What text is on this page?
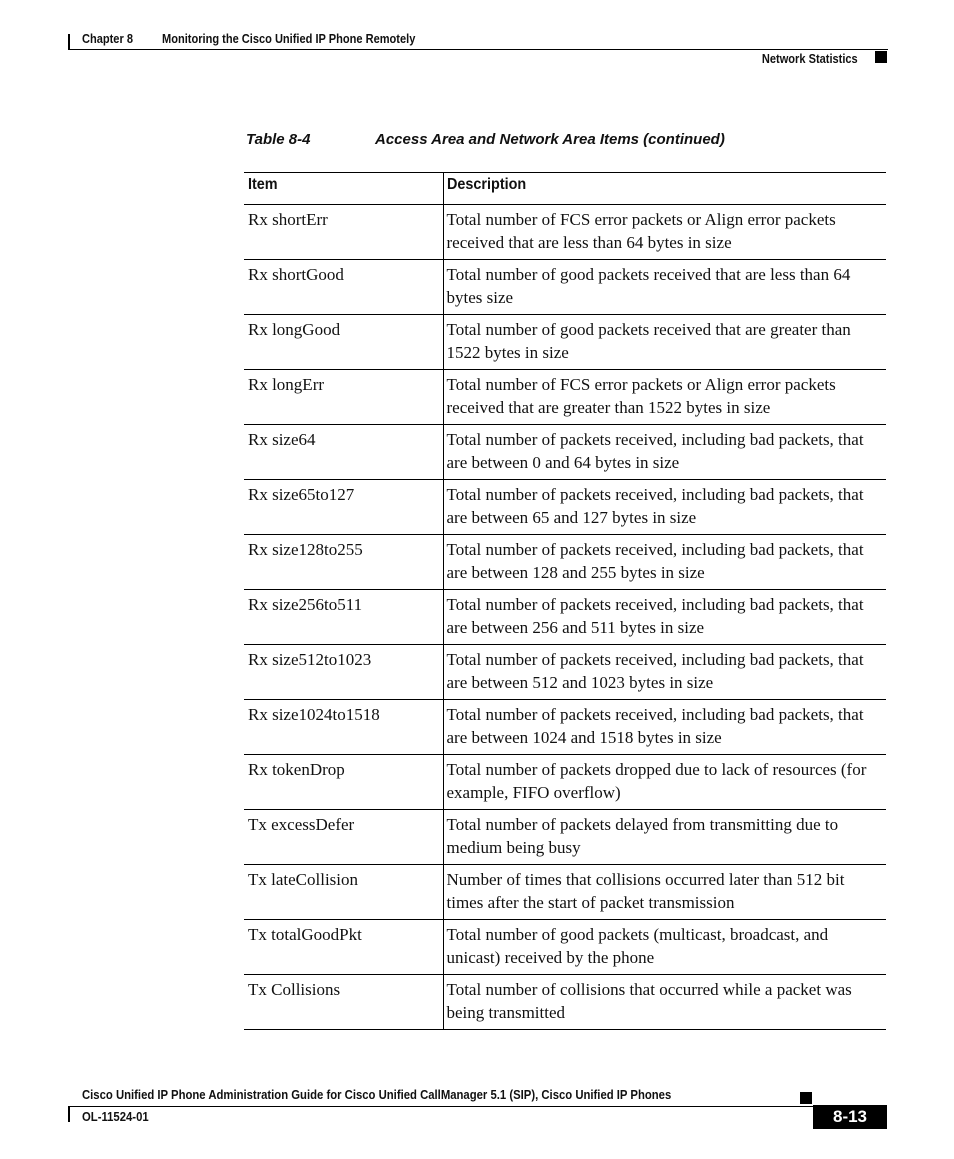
Chapter 8 Monitoring the Cisco Unified IP Phone Remotely
Network Statistics
Table 8-4	Access Area and Network Area Items (continued)
Item	Description
Rx shortErr	Total number of FCS error packets or Align error packets received that are less than 64 bytes in size
Rx shortGood	Total number of good packets received that are less than 64 bytes size
Rx longGood	Total number of good packets received that are greater than 1522 bytes in size
Rx longErr	Total number of FCS error packets or Align error packets received that are greater than 1522 bytes in size
Rx size64	Total number of packets received, including bad packets, that are between 0 and 64 bytes in size
Rx size65to127	Total number of packets received, including bad packets, that are between 65 and 127 bytes in size
Rx size128to255	Total number of packets received, including bad packets, that are between 128 and 255 bytes in size
Rx size256to511	Total number of packets received, including bad packets, that are between 256 and 511 bytes in size
Rx size512to1023	Total number of packets received, including bad packets, that are between 512 and 1023 bytes in size
Rx size1024to1518	Total number of packets received, including bad packets, that are between 1024 and 1518 bytes in size
Rx tokenDrop	Total number of packets dropped due to lack of resources (for example, FIFO overflow)
Tx excessDefer	Total number of packets delayed from transmitting due to medium being busy
Tx lateCollision	Number of times that collisions occurred later than 512 bit times after the start of packet transmission
Tx totalGoodPkt	Total number of good packets (multicast, broadcast, and unicast) received by the phone
Tx Collisions	Total number of collisions that occurred while a packet was being transmitted
Cisco Unified IP Phone Administration Guide for Cisco Unified CallManager 5.1 (SIP), Cisco Unified IP Phones
OL-11524-01	8-13
